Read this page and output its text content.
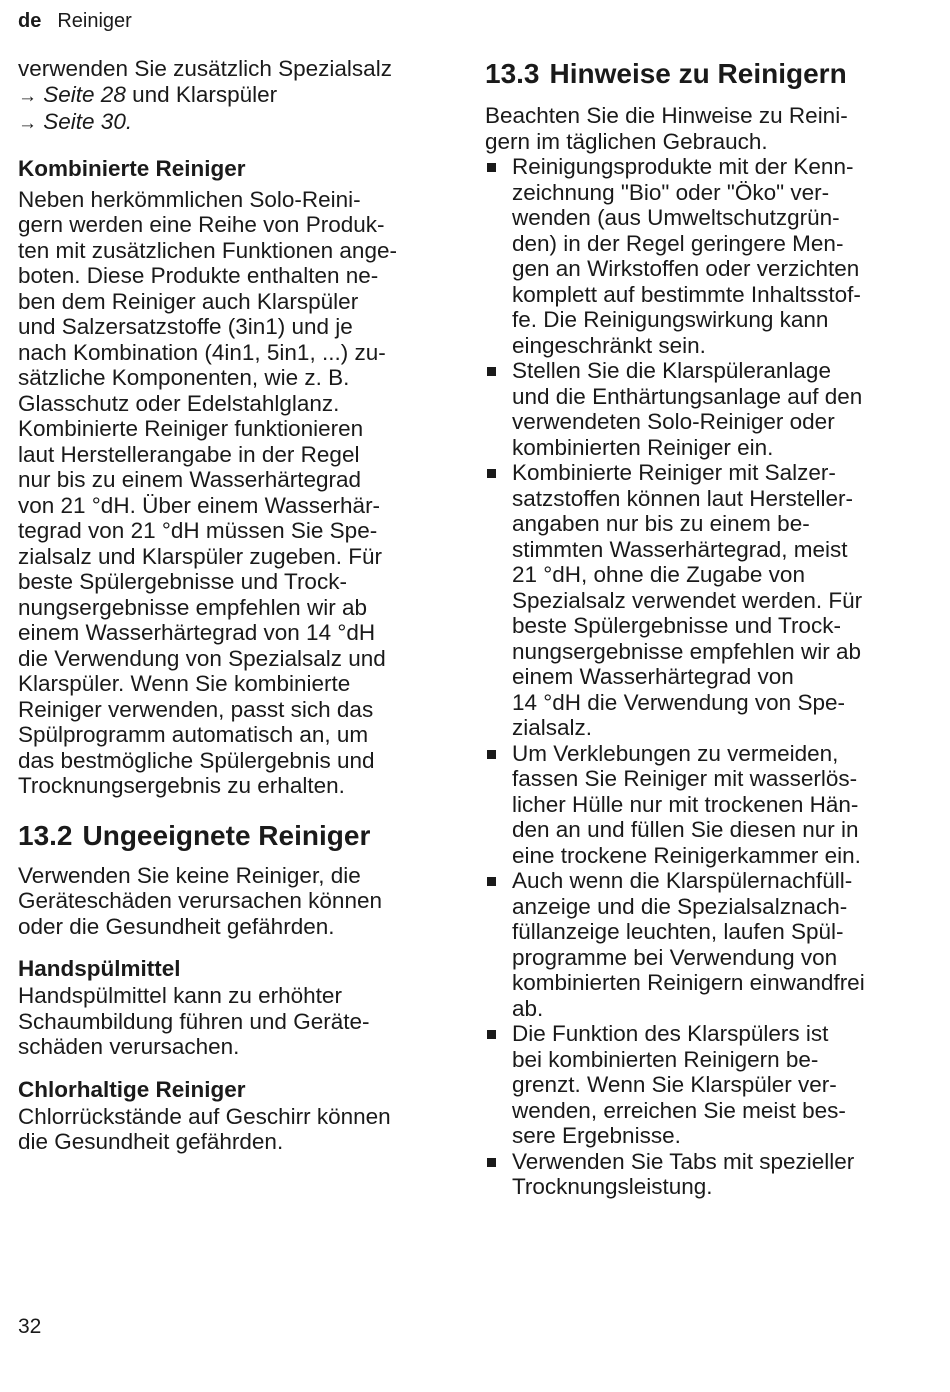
de Reiniger

verwenden Sie zusätzlich Spezialsalz

→ Seite 28 und Klarspüler

→ Seite 30.

Kombinierte Reiniger

Neben herkömmlichen Solo-Reini-

gern werden eine Reihe von Produk-

ten mit zusätzlichen Funktionen ange-

boten. Diese Produkte enthalten ne-

ben dem Reiniger auch Klarspüler

und Salzersatzstoffe (3in1) und je

nach Kombination (4in1, 5in1, ...) zu-

sätzliche Komponenten, wie z. B.

Glasschutz oder Edelstahlglanz.

Kombinierte Reiniger funktionieren

laut Herstellerangabe in der Regel

nur bis zu einem Wasserhärtegrad

von 21 °dH. Über einem Wasserhär-

tegrad von 21 °dH müssen Sie Spe-

zialsalz und Klarspüler zugeben. Für

beste Spülergebnisse und Trock-

nungsergebnisse empfehlen wir ab

einem Wasserhärtegrad von 14 °dH

die Verwendung von Spezialsalz und

Klarspüler. Wenn Sie kombinierte

Reiniger verwenden, passt sich das

Spülprogramm automatisch an, um

das bestmögliche Spülergebnis und

Trocknungsergebnis zu erhalten.

13.2 Ungeeignete Reiniger

Verwenden Sie keine Reiniger, die

Geräteschäden verursachen können

oder die Gesundheit gefährden.

Handspülmittel

Handspülmittel kann zu erhöhter

Schaumbildung führen und Geräte-

schäden verursachen.

Chlorhaltige Reiniger

Chlorrückstände auf Geschirr können

die Gesundheit gefährden.

13.3 Hinweise zu Reinigern

Beachten Sie die Hinweise zu Reini-

gern im täglichen Gebrauch.

Reinigungsprodukte mit der Kenn-
zeichnung "Bio" oder "Öko" ver-
wenden (aus Umweltschutzgrün-
den) in der Regel geringere Men-
gen an Wirkstoffen oder verzichten
komplett auf bestimmte Inhaltsstof-
fe. Die Reinigungswirkung kann
eingeschränkt sein.
Stellen Sie die Klarspüleranlage
und die Enthärtungsanlage auf den
verwendeten Solo-Reiniger oder
kombinierten Reiniger ein.
Kombinierte Reiniger mit Salzer-
satzstoffen können laut Hersteller-
angaben nur bis zu einem be-
stimmten Wasserhärtegrad, meist
21 °dH, ohne die Zugabe von
Spezialsalz verwendet werden. Für
beste Spülergebnisse und Trock-
nungsergebnisse empfehlen wir ab
einem Wasserhärtegrad von
14 °dH die Verwendung von Spe-
zialsalz.
Um Verklebungen zu vermeiden,
fassen Sie Reiniger mit wasserlös-
licher Hülle nur mit trockenen Hän-
den an und füllen Sie diesen nur in
eine trockene Reinigerkammer ein.
Auch wenn die Klarspülernachfüll-
anzeige und die Spezialsalznach-
füllanzeige leuchten, laufen Spül-
programme bei Verwendung von
kombinierten Reinigern einwandfrei
ab.
Die Funktion des Klarspülers ist
bei kombinierten Reinigern be-
grenzt. Wenn Sie Klarspüler ver-
wenden, erreichen Sie meist bes-
sere Ergebnisse.
Verwenden Sie Tabs mit spezieller
Trocknungsleistung.
32
